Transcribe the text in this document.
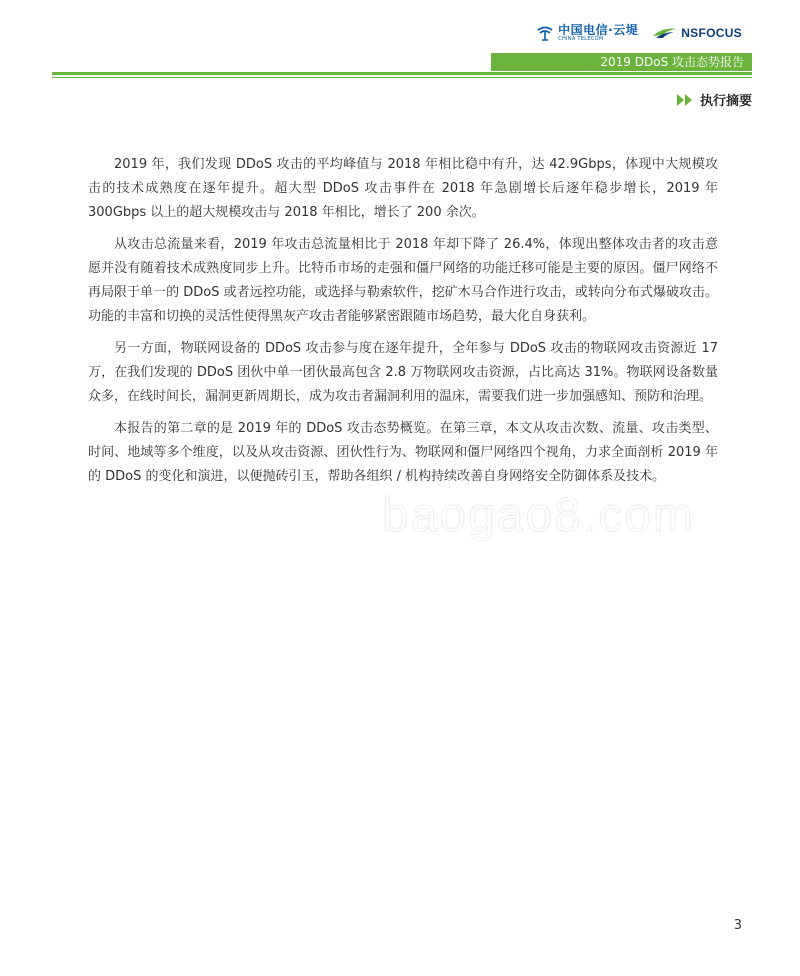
中国电信·云堤
CHINA TELECOM	NSFOCUS
2019 DDoS 攻击态势报告
执行摘要

2019 年，我们发现 DDoS 攻击的平均峰值与 2018 年相比稳中有升，达 42.9Gbps，体现中大规模攻击的技术成熟度在逐年提升。超大型 DDoS 攻击事件在 2018 年急剧增长后逐年稳步增长，2019 年 300Gbps 以上的超大规模攻击与 2018 年相比，增长了 200 余次。

从攻击总流量来看，2019 年攻击总流量相比于 2018 年却下降了 26.4%，体现出整体攻击者的攻击意愿并没有随着技术成熟度同步上升。比特币市场的走强和僵尸网络的功能迁移可能是主要的原因。僵尸网络不再局限于单一的 DDoS 或者远控功能，或选择与勒索软件，挖矿木马合作进行攻击，或转向分布式爆破攻击。功能的丰富和切换的灵活性使得黑灰产攻击者能够紧密跟随市场趋势，最大化自身获利。

另一方面，物联网设备的 DDoS 攻击参与度在逐年提升，全年参与 DDoS 攻击的物联网攻击资源近 17 万，在我们发现的 DDoS 团伙中单一团伙最高包含 2.8 万物联网攻击资源，占比高达 31%。物联网设备数量众多，在线时间长，漏洞更新周期长，成为攻击者漏洞利用的温床，需要我们进一步加强感知、预防和治理。

本报告的第二章的是 2019 年的 DDoS 攻击态势概览。在第三章，本文从攻击次数、流量、攻击类型、时间、地域等多个维度，以及从攻击资源、团伙性行为、物联网和僵尸网络四个视角，力求全面剖析 2019 年的 DDoS 的变化和演进，以便抛砖引玉，帮助各组织 / 机构持续改善自身网络安全防御体系及技术。

baogao8.com
3
